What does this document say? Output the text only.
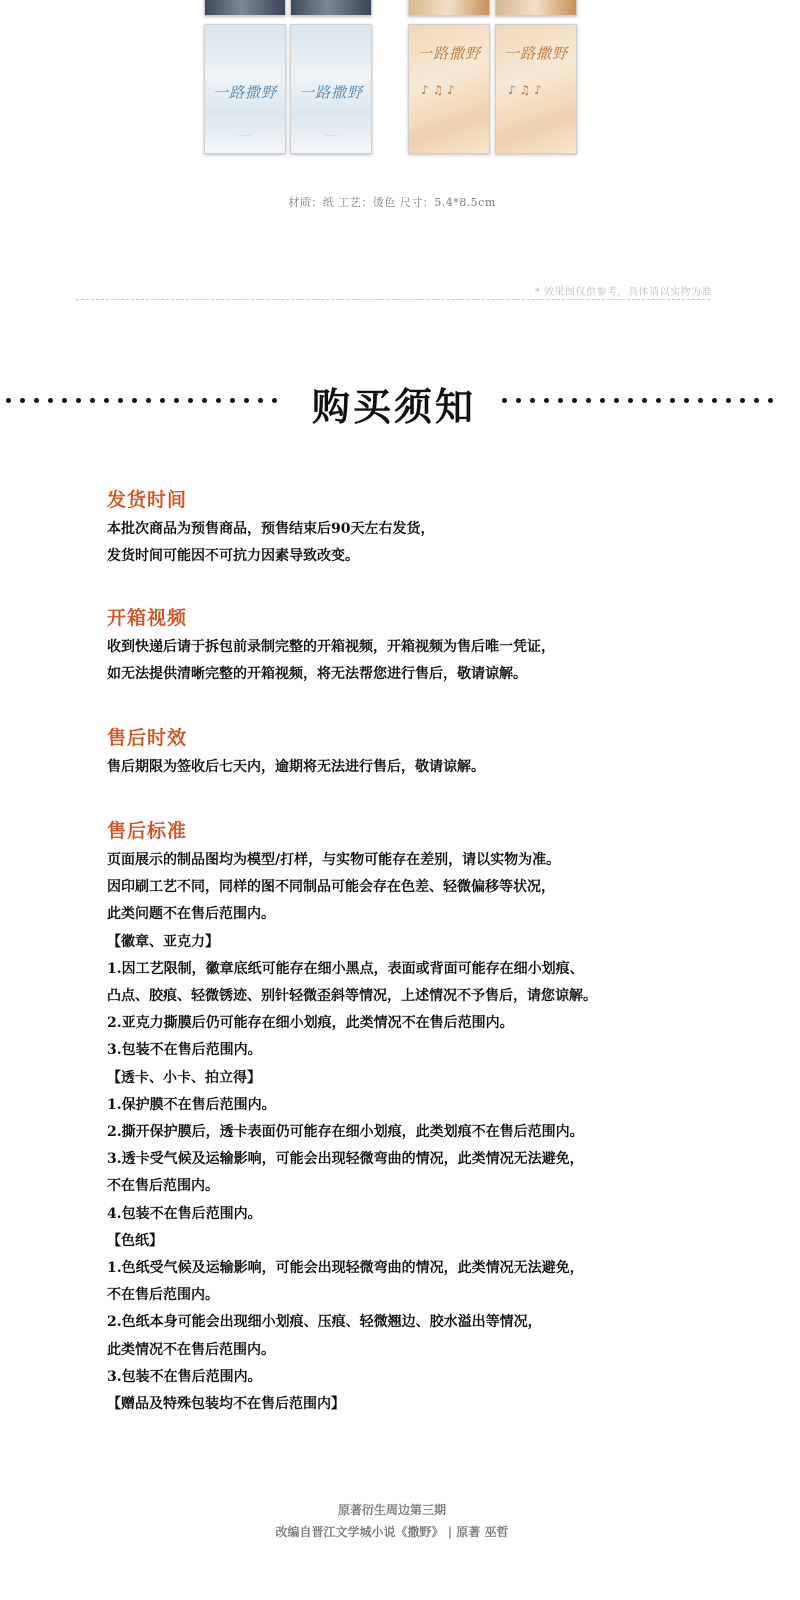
一路撒野
⋯ ⋯
一路撒野
⋯ ⋯
一路撒野
♪ ♫ ♪
一路撒野
♪ ♫ ♪
材质：纸 工艺：烫色 尺寸：5.4*8.5cm
* 效果图仅供参考，具体请以实物为准
购买须知
发货时间

本批次商品为预售商品，预售结束后90天左右发货，

发货时间可能因不可抗力因素导致改变。

开箱视频

收到快递后请于拆包前录制完整的开箱视频，开箱视频为售后唯一凭证，

如无法提供清晰完整的开箱视频，将无法帮您进行售后，敬请谅解。

售后时效

售后期限为签收后七天内，逾期将无法进行售后，敬请谅解。

售后标准

页面展示的制品图均为模型/打样，与实物可能存在差别，请以实物为准。

因印刷工艺不同，同样的图不同制品可能会存在色差、轻微偏移等状况，

此类问题不在售后范围内。

【徽章、亚克力】

1.因工艺限制，徽章底纸可能存在细小黑点，表面或背面可能存在细小划痕、

凸点、胶痕、轻微锈迹、别针轻微歪斜等情况，上述情况不予售后，请您谅解。

2.亚克力撕膜后仍可能存在细小划痕，此类情况不在售后范围内。

3.包装不在售后范围内。

【透卡、小卡、拍立得】

1.保护膜不在售后范围内。

2.撕开保护膜后，透卡表面仍可能存在细小划痕，此类划痕不在售后范围内。

3.透卡受气候及运输影响，可能会出现轻微弯曲的情况，此类情况无法避免，

不在售后范围内。

4.包装不在售后范围内。

【色纸】

1.色纸受气候及运输影响，可能会出现轻微弯曲的情况，此类情况无法避免，

不在售后范围内。

2.色纸本身可能会出现细小划痕、压痕、轻微翘边、胶水溢出等情况，

此类情况不在售后范围内。

3.包装不在售后范围内。

【赠品及特殊包装均不在售后范围内】

原著衍生周边第三期
改编自晋江文学城小说《撒野》 | 原著 巫哲
